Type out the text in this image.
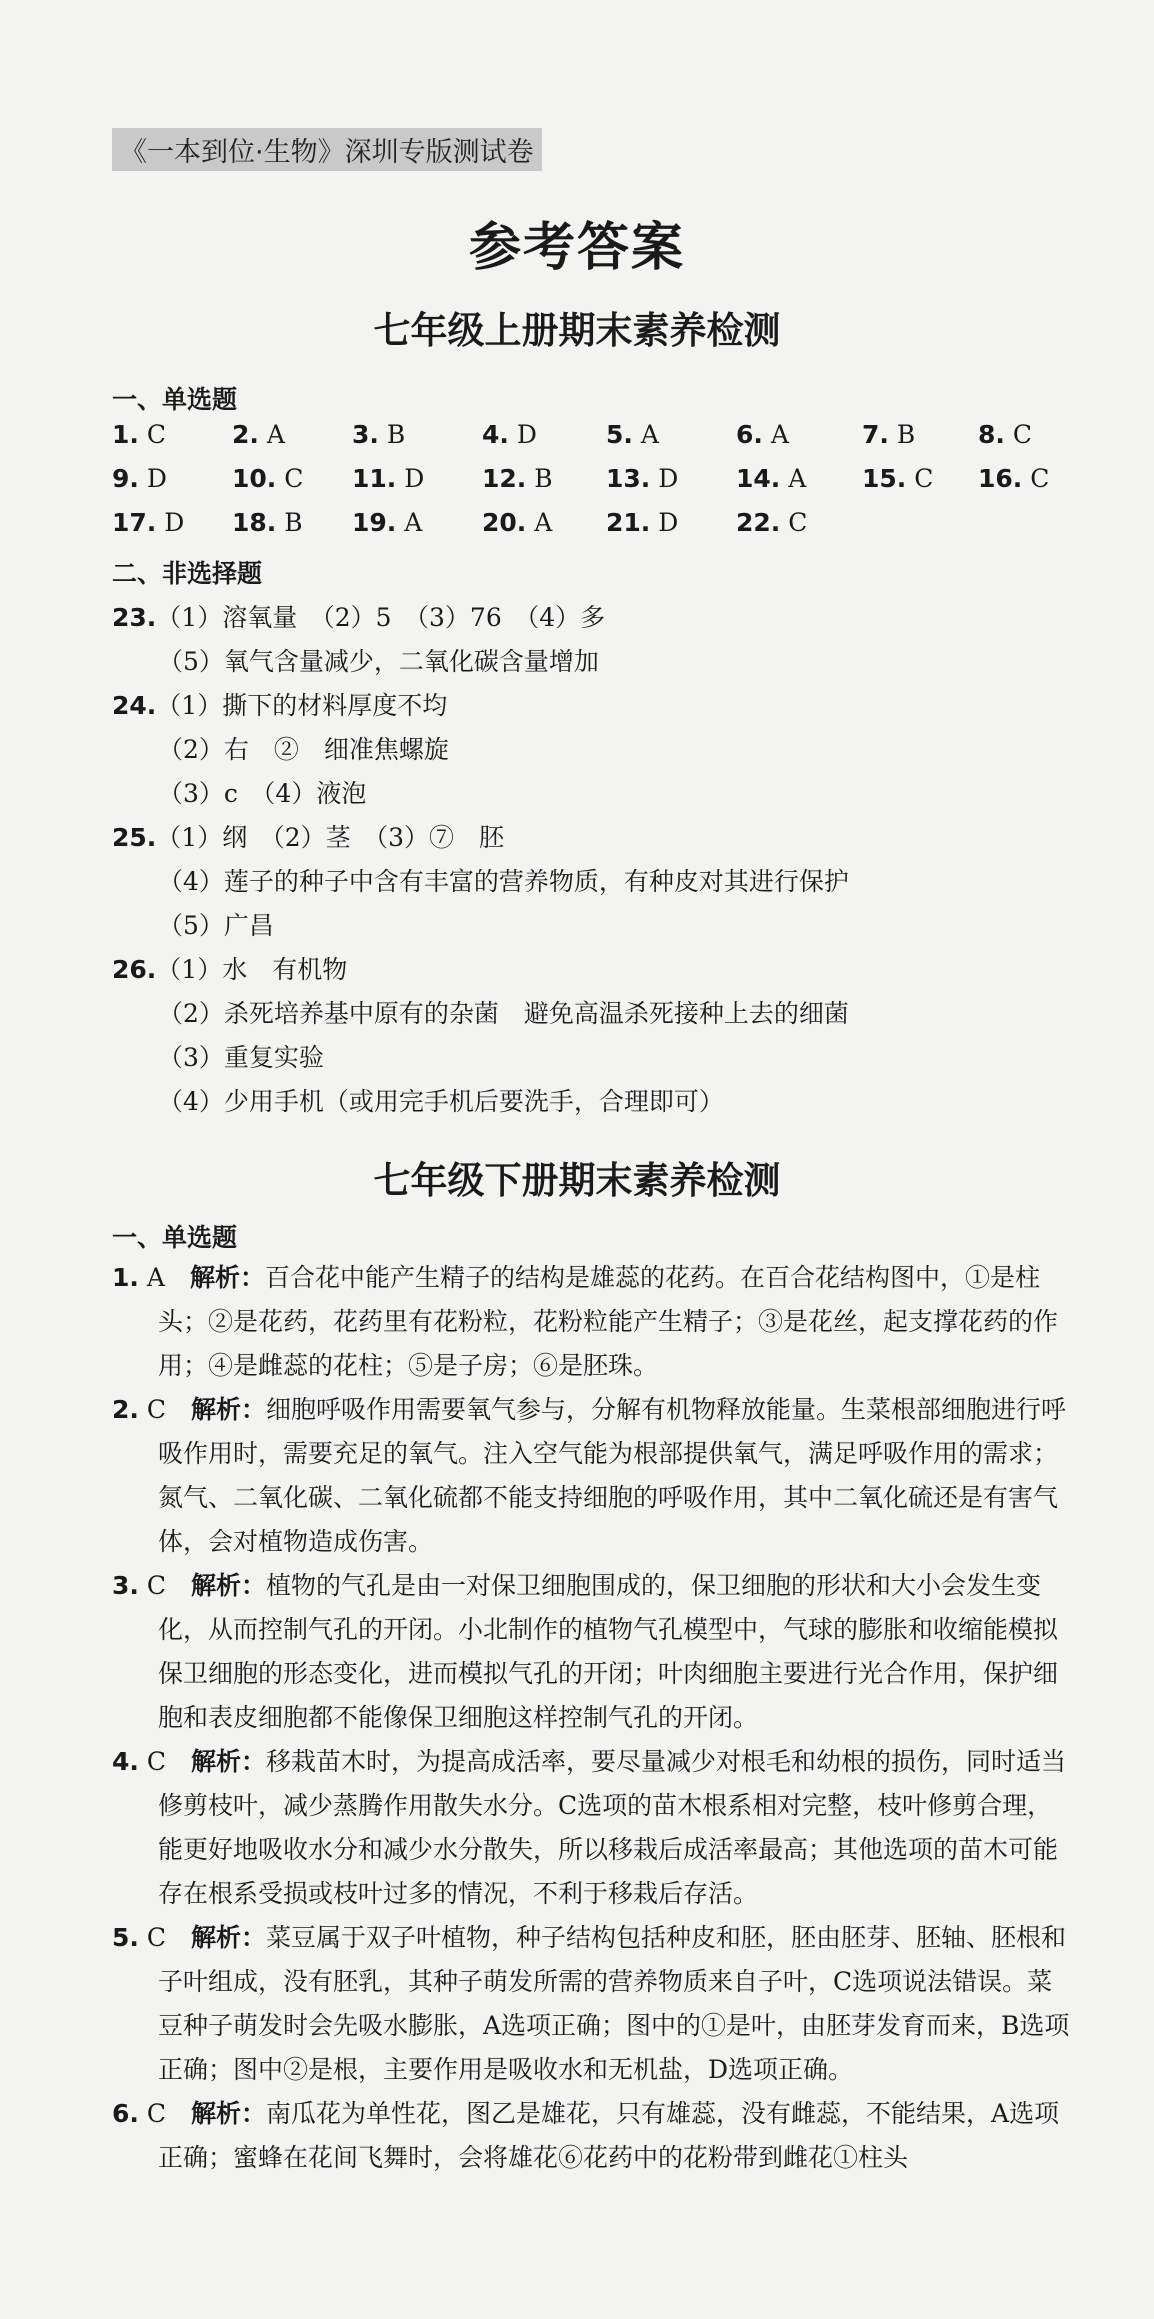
《一本到位·生物》深圳专版测试卷
参考答案
七年级上册期末素养检测
一、单选题
1. C	2. A	3. B	4. D	5. A	6. A	7. B	8. C
9. D	10. C 11. D 12. B 13. D 14. A 15. C 16. C
17. D 18. B 19. A 20. A 21. D 22. C
二、非选择题
23.（1）溶氧量　（2）5　（3）76　（4）多
（5）氧气含量减少，二氧化碳含量增加
24.（1）撕下的材料厚度不均
（2）右　②　细准焦螺旋
（3）c　（4）液泡
25.（1）纲　（2）茎　（3）⑦　胚
（4）莲子的种子中含有丰富的营养物质，有种皮对其进行保护
（5）广昌
26.（1）水　有机物
（2）杀死培养基中原有的杂菌　避免高温杀死接种上去的细菌
（3）重复实验
（4）少用手机（或用完手机后要洗手，合理即可）
七年级下册期末素养检测
一、单选题
1. A　 解析：百合花中能产生精子的结构是雄蕊的花药。在百合花结构图中，①是柱头；②是花药，花药里有花粉粒，花粉粒能产生精子；③是花丝，起支撑花药的作用；④是雌蕊的花柱；⑤是子房；⑥是胚珠。
2. C　 解析：细胞呼吸作用需要氧气参与，分解有机物释放能量。生菜根部细胞进行呼吸作用时，需要充足的氧气。注入空气能为根部提供氧气，满足呼吸作用的需求；氮气、二氧化碳、二氧化硫都不能支持细胞的呼吸作用，其中二氧化硫还是有害气体，会对植物造成伤害。
3. C　 解析：植物的气孔是由一对保卫细胞围成的，保卫细胞的形状和大小会发生变化，从而控制气孔的开闭。小北制作的植物气孔模型中，气球的膨胀和收缩能模拟保卫细胞的形态变化，进而模拟气孔的开闭；叶肉细胞主要进行光合作用，保护细胞和表皮细胞都不能像保卫细胞这样控制气孔的开闭。
4. C　 解析：移栽苗木时，为提高成活率，要尽量减少对根毛和幼根的损伤，同时适当修剪枝叶，减少蒸腾作用散失水分。C选项的苗木根系相对完整，枝叶修剪合理，能更好地吸收水分和减少水分散失，所以移栽后成活率最高；其他选项的苗木可能存在根系受损或枝叶过多的情况，不利于移栽后存活。
5. C　 解析：菜豆属于双子叶植物，种子结构包括种皮和胚，胚由胚芽、胚轴、胚根和子叶组成，没有胚乳，其种子萌发所需的营养物质来自子叶，C选项说法错误。菜豆种子萌发时会先吸水膨胀，A选项正确；图中的①是叶，由胚芽发育而来，B选项正确；图中②是根，主要作用是吸收水和无机盐，D选项正确。
6. C　 解析：南瓜花为单性花，图乙是雄花，只有雄蕊，没有雌蕊，不能结果，A选项正确；蜜蜂在花间飞舞时，会将雄花⑥花药中的花粉带到雌花①柱头
